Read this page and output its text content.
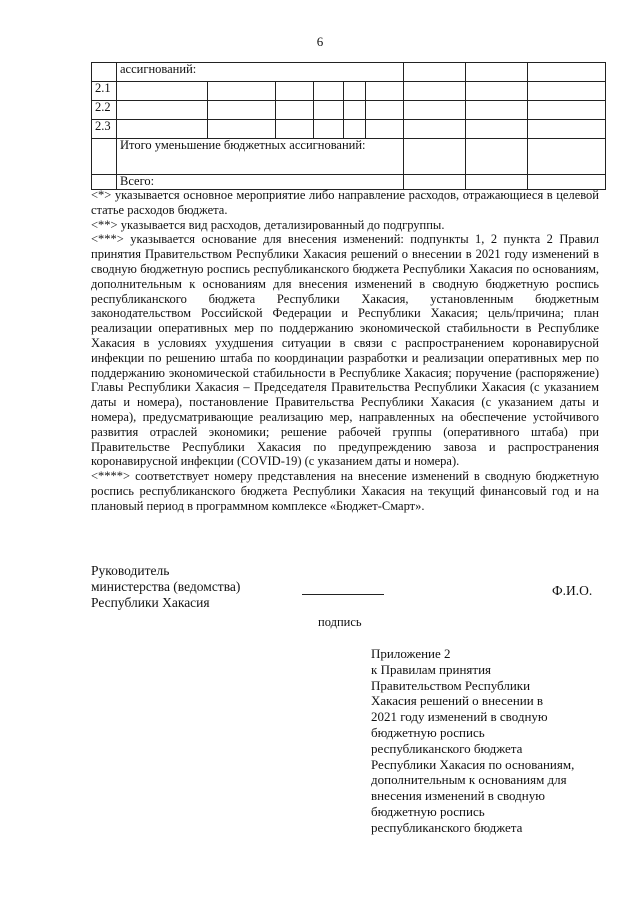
6
	ассигнований:								
2.1									
2.2									
2.3									
	Итого уменьшение бюджетных ассигнований:								
	Всего:								

<*> указывается основное мероприятие либо направление расходов, отражающиеся в целевой статье расходов бюджета.

<**> указывается вид расходов, детализированный до подгруппы.

<***> указывается основание для внесения изменений: подпункты 1, 2 пункта 2 Правил принятия Правительством Республики Хакасия решений о внесении в 2021 году изменений в сводную бюджетную роспись республиканского бюджета Республики Хакасия по основаниям, дополнительным к основаниям для внесения изменений в сводную бюджетную роспись республиканского бюджета Республики Хакасия, установленным бюджетным законодательством Российской Федерации и Республики Хакасия; цель/причина; план реализации оперативных мер по поддержанию экономической стабильности в Республике Хакасия в условиях ухудшения ситуации в связи с распространением коронавирусной инфекции по решению штаба по координации разработки и реализации оперативных мер по поддержанию экономической стабильности в Республике Хакасия; поручение (распоряжение) Главы Республики Хакасия – Председателя Правительства Республики Хакасия (с указанием даты и номера), постановление Правительства Республики Хакасия (с указанием даты и номера), предусматривающие реализацию мер, направленных на обеспечение устойчивого развития отраслей экономики; решение рабочей группы (оперативного штаба) при Правительстве Республики Хакасия по предупреждению завоза и распространения коронавирусной инфекции (COVID-19) (с указанием даты и номера).

<****> соответствует номеру представления на внесение изменений в сводную бюджетную роспись республиканского бюджета Республики Хакасия на текущий финансовый год и на плановый период в программном комплексе «Бюджет-Смарт».

Руководитель
министерства (ведомства)
Республики Хакасия
Ф.И.О.
подпись
Приложение 2
к Правилам принятия
Правительством Республики
Хакасия решений о внесении в
2021 году изменений в сводную
бюджетную роспись
республиканского бюджета
Республики Хакасия по основаниям,
дополнительным к основаниям для
внесения изменений в сводную
бюджетную роспись
республиканского бюджета
